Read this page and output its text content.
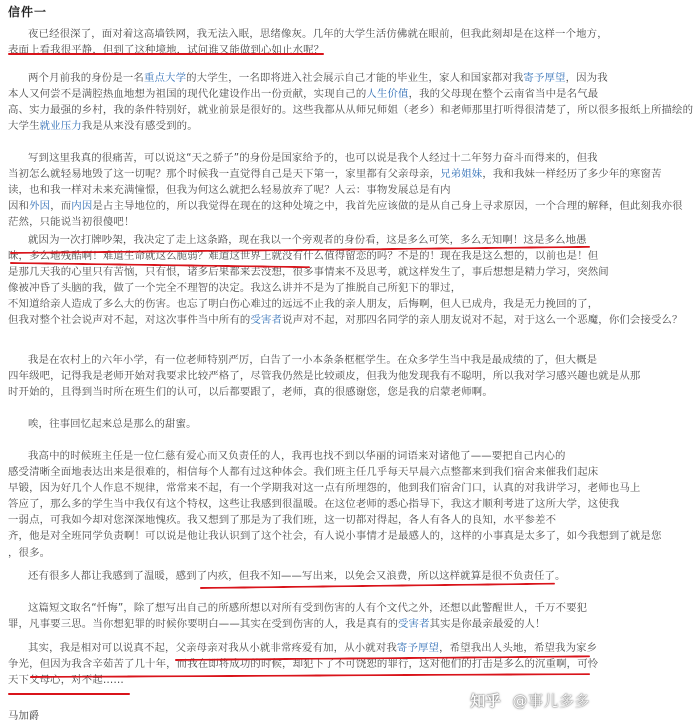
信件一
夜已经很深了，面对着这高墙铁网，我无法入眠，思绪像灰。几年的大学生活仿佛就在眼前，但我此刻却是在这样一个地方，
表面上看我很平静，但到了这种境地，试问谁又能做到心如止水呢？
两个月前我的身份是一名重点大学的大学生，一名即将进入社会展示自己才能的毕业生，家人和国家都对我寄予厚望，因为我
本人又何尝不是满腔热血地想为祖国的现代化建设作出一份贡献，实现自己的人生价值，我的父母现在整个云南省当中是名气最
高、实力最强的乡村，我的条件特别好，就业前景是很好的。这些我都从从师兄师姐（老乡）和老师那里打听得很清楚了，所以很多报纸上所描绘的
大学生就业压力我是从来没有感受到的。
写到这里我真的很痛苦，可以说这“天之骄子”的身份是国家给予的，也可以说是我个人经过十二年努力奋斗而得来的，但我
当初怎么就轻易地毁了这一切呢？那个时候我一直觉得自己是天下第一，家里都有父亲母亲，兄弟姐妹，我和我妹一样经历了多少年的寒窗苦
读，也和我一样对未来充满憧憬，但我为何这么就把么轻易放弃了呢？人云：事物发展总是有内
因和外因，而内因是占主导地位的，所以我觉得在现在的这种处境之中，我首先应该做的是从自己身上寻求原因，一个合理的解释，但此刻我亦很
茫然，只能说当初很傻吧！
就因为一次打牌吵架，我决定了走上这条路，现在我以一个旁观者的身份看，这是多么可笑，多么无知啊！这是多么地愚
昧，多么地残酷啊！难道生命就这么脆弱？难道这世界上就没有什么值得留恋的吗？不是的！现在我是这么想的，以前也是！但
是那几天我的心里只有苦恼，只有恨，诸多后果都来去没想，很多事情来不及思考，就这样发生了，事后想想是精力学习，突然间
像被冲昏了头脑的我，做了一个完全不理智的决定。我这么讲并不是为了推脱自己所犯下的罪过，
不知道给亲人造成了多么大的伤害。也忘了明白伤心难过的远远不止我的亲人朋友，后悔啊，但人已成舟，我是无力挽回的了，
但我对整个社会说声对不起，对这次事件当中所有的受害者说声对不起，对那四名同学的亲人朋友说对不起，对于这么一个恶魔，你们会接受么？
我是在农村上的六年小学，有一位老师特别严厉，白告了一小本条条框框学生。在众多学生当中我是最成绩的了，但大概是
四年级吧，记得我是老师开始对我要求比较严格了，尽管我仍然是比较顽皮，但我为他发现我有不聪明，所以我对学习感兴趣也就是从那
时开始的，且得到当时所在班生们的认可，以后都要跟了，老师，真的很感谢您，您是我的启蒙老师啊。
唉，往事回忆起来总是那么的甜蜜。
我高中的时候班主任是一位仁慈有爱心而又负责任的人，我再也找不到以华丽的词语来对诸他了——要把自己内心的
感受清晰全面地表达出来是很难的，相信每个人都有过这种体会。我们班主任几乎每天早晨六点整都来到我们宿舍来催我们起床
早锻，因为好几个人作息不规律，常常来不起，有一个学期我对这一点有所埋怨的，他到我们宿舍门口，认真的对我讲学习，老师也马上
答应了，那么多的学生当中我仅有这个特权，这些让我感到很温暖。在这位老师的悉心指导下，我这才顺利考进了这所大学，这使我
一弱点，可我如今却对您深深地愧疚。我又想到了那是为了我们班，这一切都对得起，各人有各人的良知，水平参差不
齐，他是对全班同学负责啊！可以说是他让我认识到了这个社会，有人说小事情才是最感人的，这样的小事真是太多了，如今我想到了就是您
，很多。
还有很多人都让我感到了温暖，感到了内疚，但我不知——写出来，以免会又浪费，所以这样就算是很不负责任了。
这篇短文取名“忏悔”，除了想写出自己的所感所想以对所有受到伤害的人有个文代之外，还想以此警醒世人，千万不要犯
罪，凡事要三思。当你想犯罪的时候你要明白——其实在受到伤害的人，我是真有的受害者其实是你最亲最爱的人！
其实，我是相对可以说真不起，父亲母亲对我从小就非常疼爱有加，从小就对我寄予厚望，希望我出人头地，希望我为家乡
争光，但因为我含辛茹苦了几十年，而我在即将成功的时候，却犯下了不可饶恕的罪行，这对他们的打击是多么的沉重啊，可怜
天下父母心，对不起……
马加爵
知乎 @事儿多多
